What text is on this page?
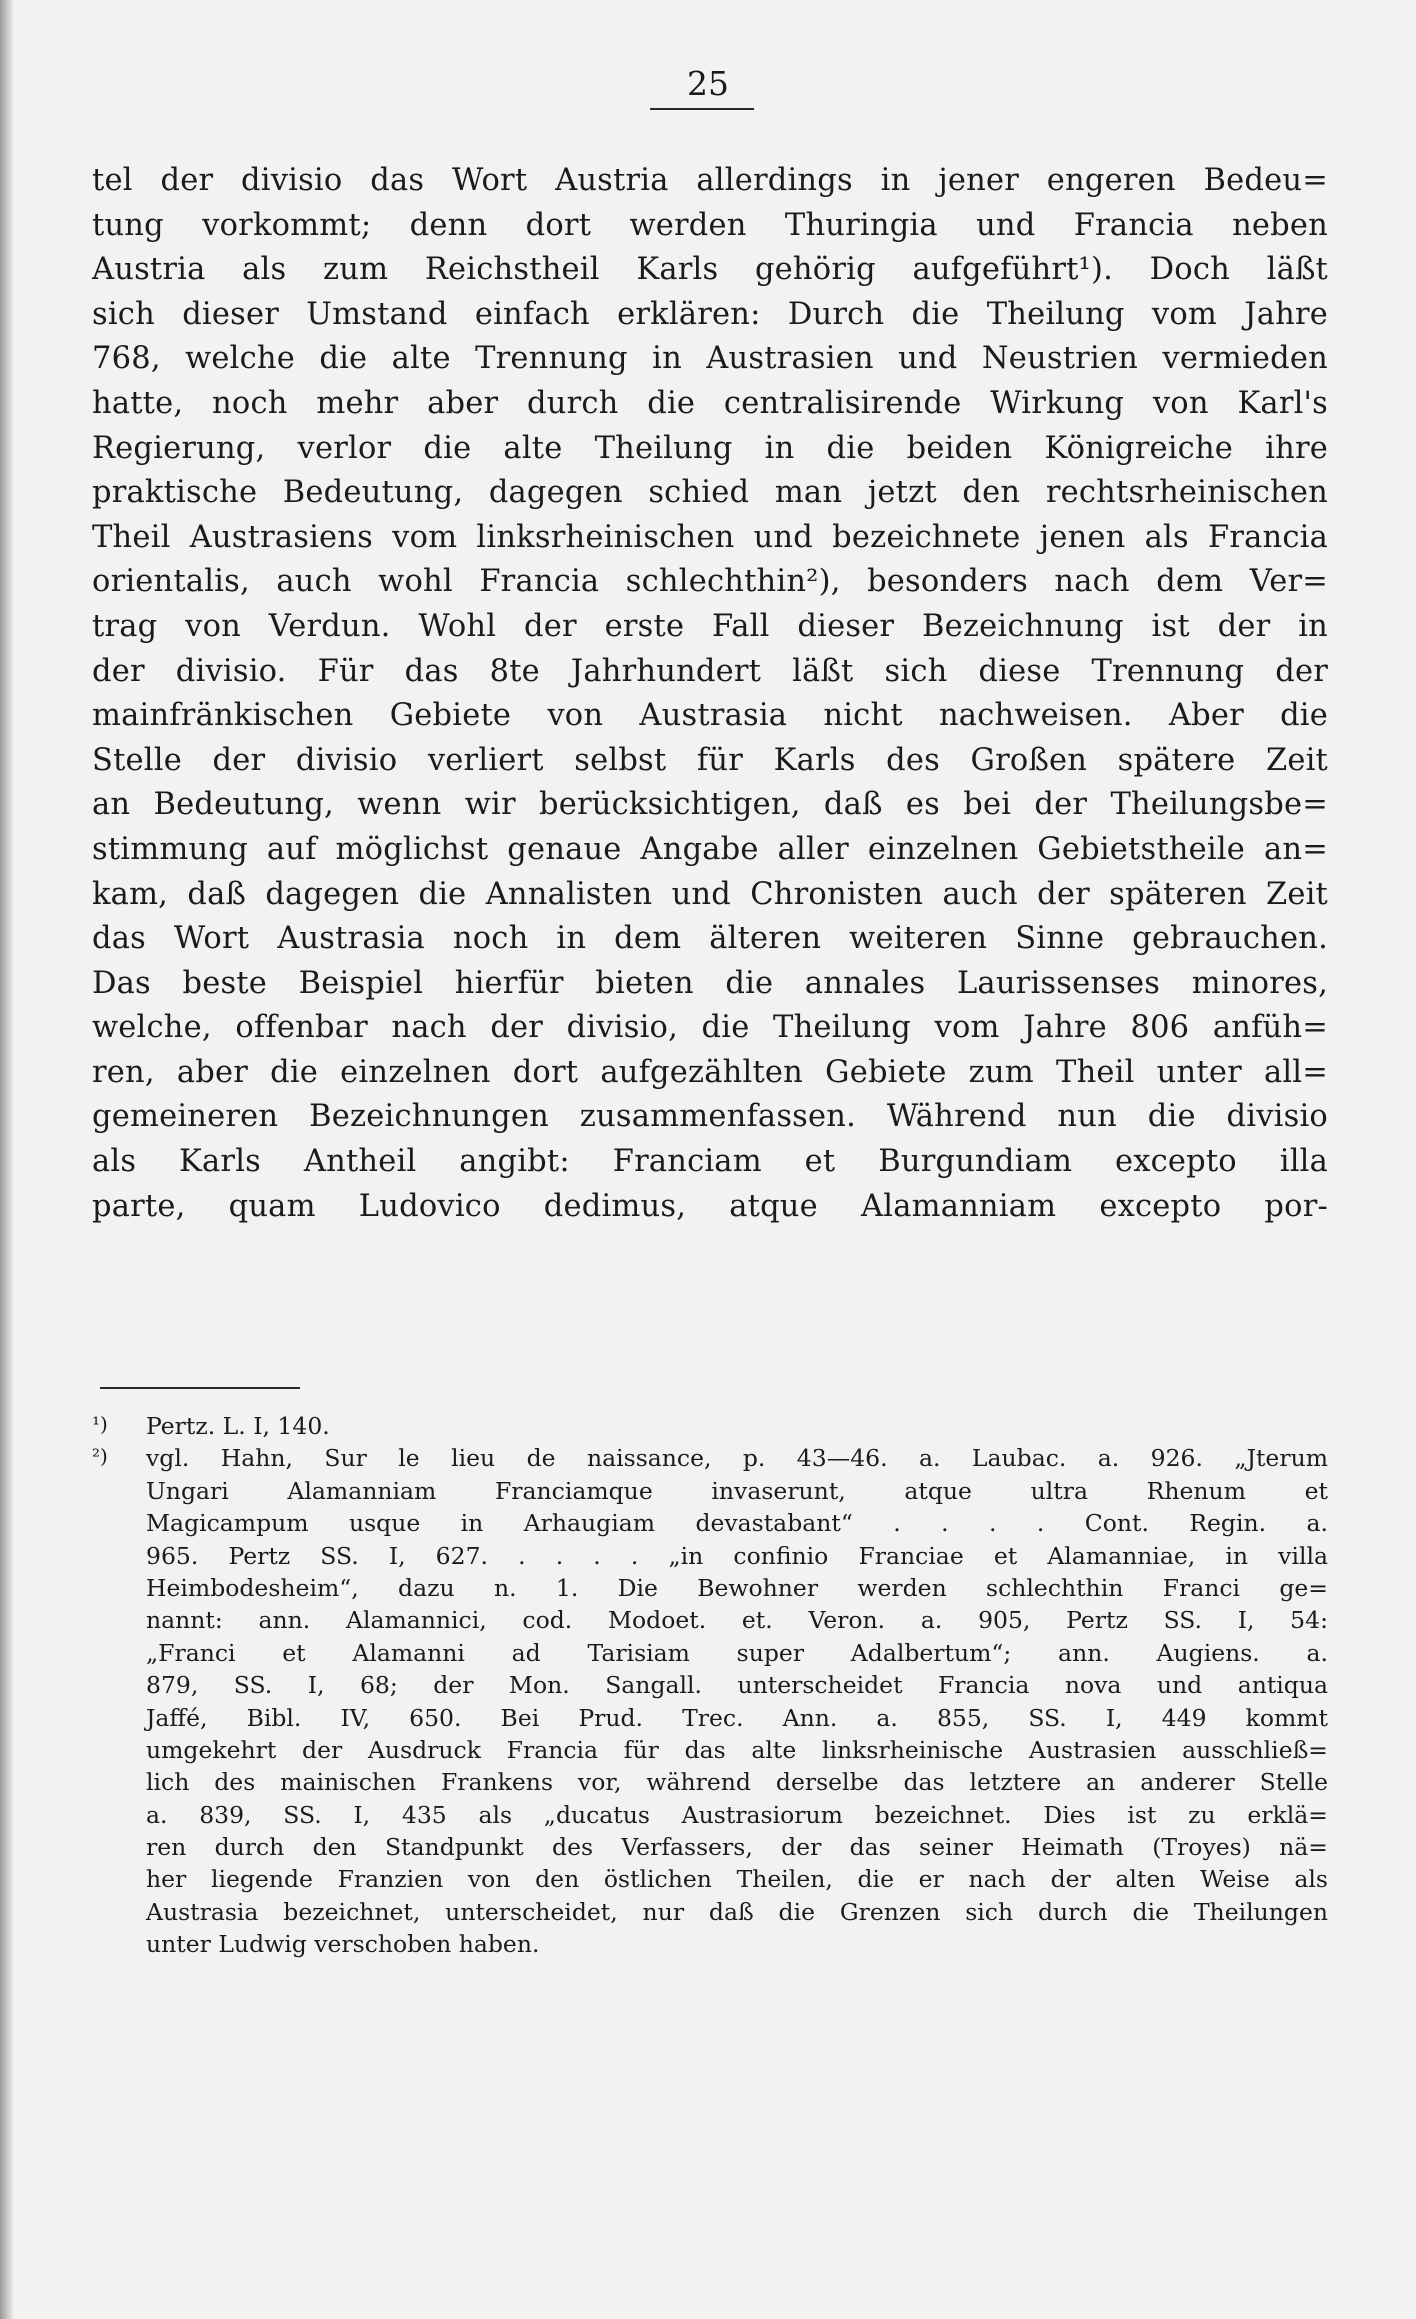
25
tel der divisio das Wort Austria allerdings in jener engeren Bedeu=
tung vorkommt; denn dort werden Thuringia und Francia neben
Austria als zum Reichstheil Karls gehörig aufgeführt¹). Doch läßt
sich dieser Umstand einfach erklären: Durch die Theilung vom Jahre
768, welche die alte Trennung in Austrasien und Neustrien vermieden
hatte, noch mehr aber durch die centralisirende Wirkung von Karl's
Regierung, verlor die alte Theilung in die beiden Königreiche ihre
praktische Bedeutung, dagegen schied man jetzt den rechtsrheinischen
Theil Austrasiens vom linksrheinischen und bezeichnete jenen als Francia
orientalis, auch wohl Francia schlechthin²), besonders nach dem Ver=
trag von Verdun. Wohl der erste Fall dieser Bezeichnung ist der in
der divisio. Für das 8te Jahrhundert läßt sich diese Trennung der
mainfränkischen Gebiete von Austrasia nicht nachweisen. Aber die
Stelle der divisio verliert selbst für Karls des Großen spätere Zeit
an Bedeutung, wenn wir berücksichtigen, daß es bei der Theilungsbe=
stimmung auf möglichst genaue Angabe aller einzelnen Gebietstheile an=
kam, daß dagegen die Annalisten und Chronisten auch der späteren Zeit
das Wort Austrasia noch in dem älteren weiteren Sinne gebrauchen.
Das beste Beispiel hierfür bieten die annales Laurissenses minores,
welche, offenbar nach der divisio, die Theilung vom Jahre 806 anfüh=
ren, aber die einzelnen dort aufgezählten Gebiete zum Theil unter all=
gemeineren Bezeichnungen zusammenfassen. Während nun die divisio
als Karls Antheil angibt: Franciam et Burgundiam excepto illa
parte, quam Ludovico dedimus, atque Alamanniam excepto por-
¹) Pertz. L. I, 140.
²) vgl. Hahn, Sur le lieu de naissance, p. 43—46. a. Laubac. a. 926. „Jterum
Ungari Alamanniam Franciamque invaserunt, atque ultra Rhenum et
Magicampum usque in Arhaugiam devastabant“ . . . . Cont. Regin. a.
965. Pertz SS. I, 627. . . . . „in confinio Franciae et Alamanniae, in villa
Heimbodesheim“, dazu n. 1. Die Bewohner werden schlechthin Franci ge=
nannt: ann. Alamannici, cod. Modoet. et. Veron. a. 905, Pertz SS. I, 54:
„Franci et Alamanni ad Tarisiam super Adalbertum“; ann. Augiens. a.
879, SS. I, 68; der Mon. Sangall. unterscheidet Francia nova und antiqua
Jaffé, Bibl. IV, 650. Bei Prud. Trec. Ann. a. 855, SS. I, 449 kommt
umgekehrt der Ausdruck Francia für das alte linksrheinische Austrasien ausschließ=
lich des mainischen Frankens vor, während derselbe das letztere an anderer Stelle
a. 839, SS. I, 435 als „ducatus Austrasiorum bezeichnet. Dies ist zu erklä=
ren durch den Standpunkt des Verfassers, der das seiner Heimath (Troyes) nä=
her liegende Franzien von den östlichen Theilen, die er nach der alten Weise als
Austrasia bezeichnet, unterscheidet, nur daß die Grenzen sich durch die Theilungen
unter Ludwig verschoben haben.
